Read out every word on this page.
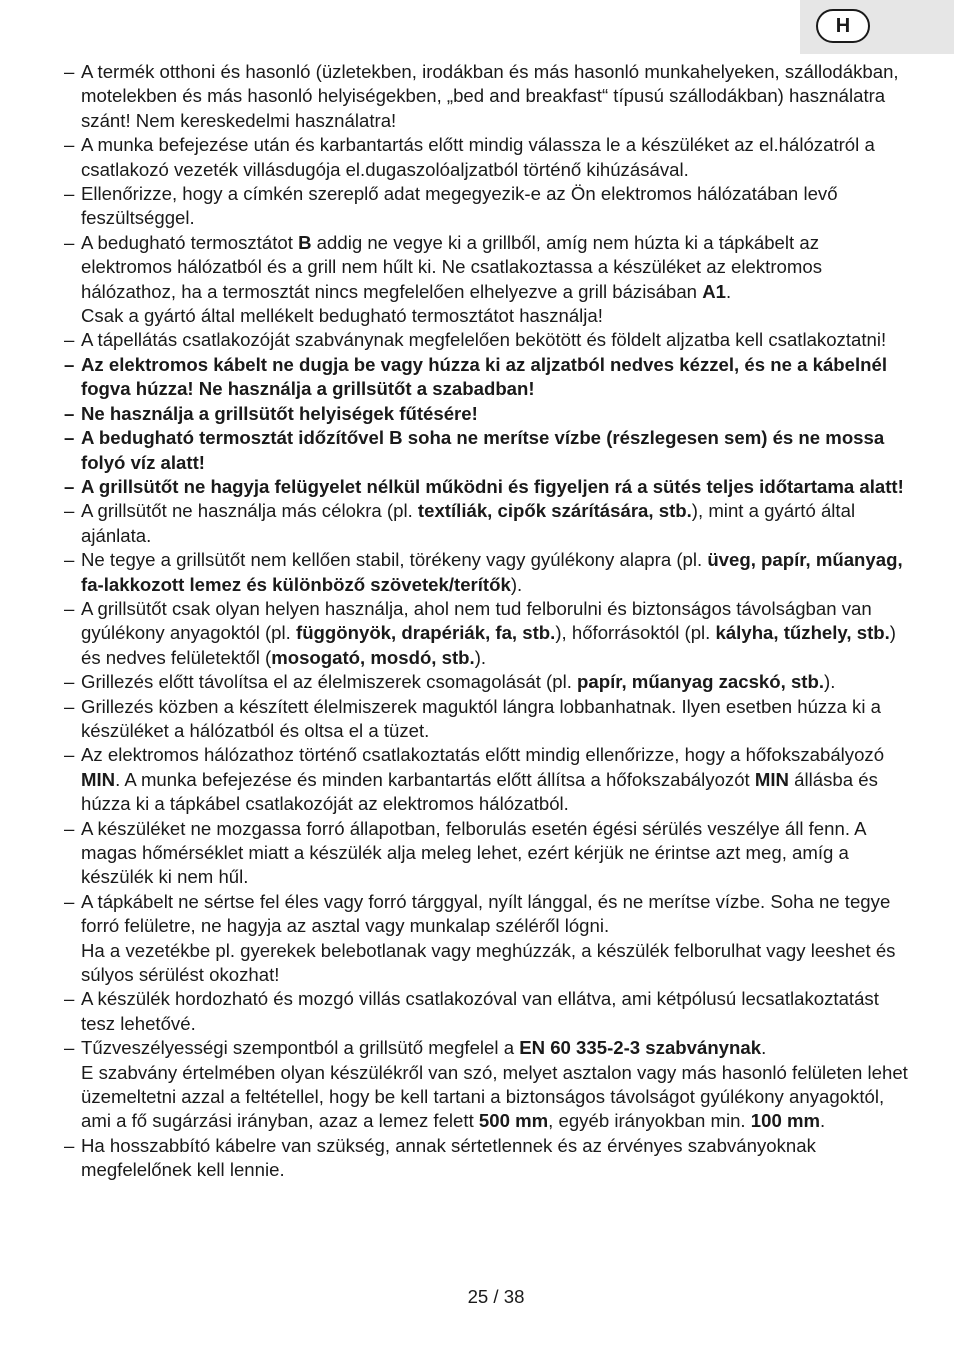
H
– A termék otthoni és hasonló (üzletekben, irodákban és más hasonló munkahelyeken, szállodákban, motelekben és más hasonló helyiségekben, „bed and breakfast“ típusú szállodákban) használatra szánt! Nem kereskedelmi használatra!
– A munka befejezése után és karbantartás előtt mindig válassza le a készüléket az el.hálózatról a csatlakozó vezeték villásdugója el.dugaszolóaljzatból történő kihúzásával.
– Ellenőrizze, hogy a címkén szereplő adat megegyezik-e az Ön elektromos hálózatában levő feszültséggel.
– A bedugható termosztátot B addig ne vegye ki a grillből, amíg nem húzta ki a tápkábelt az elektromos hálózatból és a grill nem hűlt ki. Ne csatlakoztassa a készüléket az elektromos hálózathoz, ha a termosztát nincs megfelelően elhelyezve a grill bázisában A1.
Csak a gyártó által mellékelt bedugható termosztátot használja!
– A tápellátás csatlakozóját szabványnak megfelelően bekötött és földelt aljzatba kell csatlakoztatni!
– Az elektromos kábelt ne dugja be vagy húzza ki az aljzatból nedves kézzel, és ne a kábelnél fogva húzza! Ne használja a grillsütőt a szabadban!
– Ne használja a grillsütőt helyiségek fűtésére!
– A bedugható termosztát időzítővel B soha ne merítse vízbe (részlegesen sem) és ne mossa folyó víz alatt!
– A grillsütőt ne hagyja felügyelet nélkül működni és figyeljen rá a sütés teljes időtartama alatt!
– A grillsütőt ne használja más célokra (pl. textíliák, cipők szárítására, stb.), mint a gyártó által ajánlata.
– Ne tegye a grillsütőt nem kellően stabil, törékeny vagy gyúlékony alapra (pl. üveg, papír, műanyag, fa-lakkozott lemez és különböző szövetek/terítők).
– A grillsütőt csak olyan helyen használja, ahol nem tud felborulni és biztonságos távolságban van gyúlékony anyagoktól (pl. függönyök, drapériák, fa, stb.), hőforrásoktól (pl. kályha, tűzhely, stb.) és nedves felületektől (mosogató, mosdó, stb.).
– Grillezés előtt távolítsa el az élelmiszerek csomagolását (pl. papír, műanyag zacskó, stb.).
– Grillezés közben a készített élelmiszerek maguktól lángra lobbanhatnak. Ilyen esetben húzza ki a készüléket a hálózatból és oltsa el a tüzet.
– Az elektromos hálózathoz történő csatlakoztatás előtt mindig ellenőrizze, hogy a hőfokszabályozó MIN. A munka befejezése és minden karbantartás előtt állítsa a hőfokszabályozót MIN állásba és húzza ki a tápkábel csatlakozóját az elektromos hálózatból.
– A készüléket ne mozgassa forró állapotban, felborulás esetén égési sérülés veszélye áll fenn. A magas hőmérséklet miatt a készülék alja meleg lehet, ezért kérjük ne érintse azt meg, amíg a készülék ki nem hűl.
– A tápkábelt ne sértse fel éles vagy forró tárggyal, nyílt lánggal, és ne merítse vízbe. Soha ne tegye forró felületre, ne hagyja az asztal vagy munkalap széléről lógni.
Ha a vezetékbe pl. gyerekek belebotlanak vagy meghúzzák, a készülék felborulhat vagy leeshet és súlyos sérülést okozhat!
– A készülék hordozható és mozgó villás csatlakozóval van ellátva, ami kétpólusú lecsatlakoztatást tesz lehetővé.
– Tűzveszélyességi szempontból a grillsütő megfelel a EN 60 335-2-3 szabványnak.
E szabvány értelmében olyan készülékről van szó, melyet asztalon vagy más hasonló felületen lehet üzemeltetni azzal a feltétellel, hogy be kell tartani a biztonságos távolságot gyúlékony anyagoktól, ami a fő sugárzási irányban, azaz a lemez felett 500 mm, egyéb irányokban min. 100 mm.
– Ha hosszabbító kábelre van szükség, annak sértetlennek és az érvényes szabványoknak megfelelőnek kell lennie.
25 / 38
